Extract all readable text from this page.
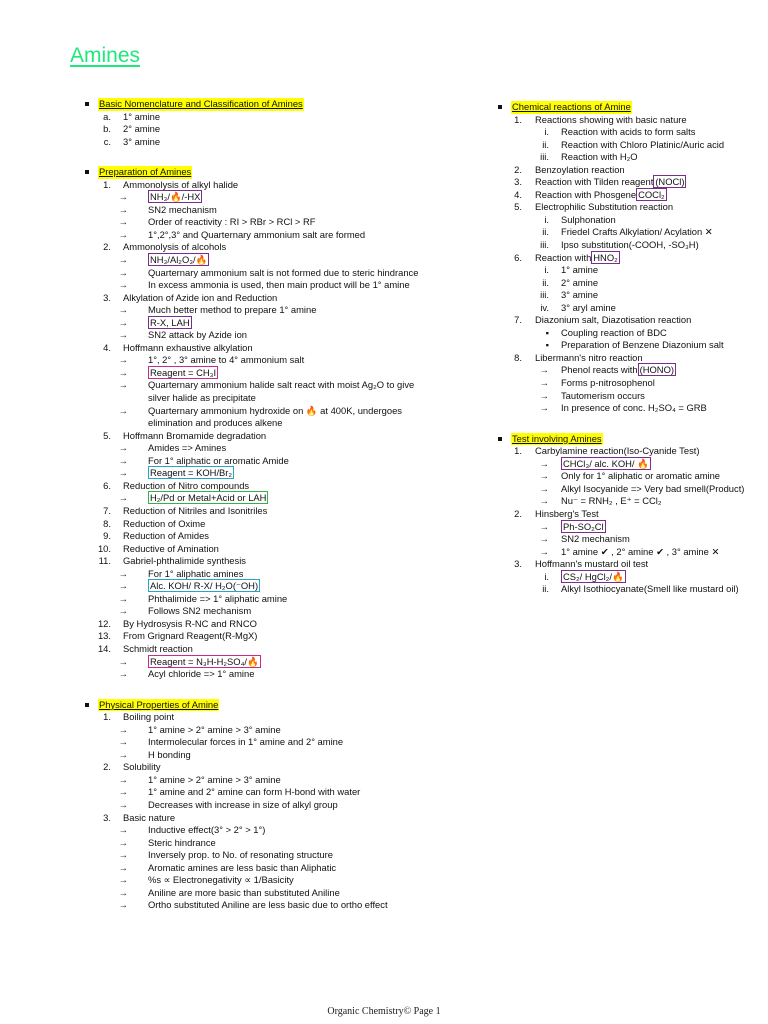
Amines
Basic Nomenclature and Classification of Amines
a. 1° amine
b. 2° amine
c. 3° amine
Preparation of Amines
1. Ammonolysis of alkyl halide
→ NH₃/🔥/-HX
→ SN2 mechanism
→ Order of reactivity : RI > RBr > RCl > RF
→ 1°,2°,3° and Quarternary ammonium salt are formed
2. Ammonolysis of alcohols
→ NH₃/Al₂O₃/🔥
→ Quarternary ammonium salt is not formed due to steric hindrance
→ In excess ammonia is used, then main product will be 1° amine
3. Alkylation of Azide ion and Reduction
→ Much better method to prepare 1° amine
→ R-X, LAH
→ SN2 attack by Azide ion
4. Hoffmann exhaustive alkylation
→ 1°, 2° , 3° amine to 4° ammonium salt
→ Reagent = CH₃I
→ Quarternary ammonium halide salt react with moist Ag₂O to give
silver halide as precipitate
→ Quarternary ammonium hydroxide on 🔥 at 400K, undergoes
elimination and produces alkene
5. Hoffmann Bromamide degradation
→ Amides => Amines
→ For 1° aliphatic or aromatic Amide
→ Reagent = KOH/Br₂
6. Reduction of Nitro compounds
→ H₂/Pd or Metal+Acid or LAH
7. Reduction of Nitriles and Isonitriles
8. Reduction of Oxime
9. Reduction of Amides
10. Reductive of Amination
11. Gabriel-phthalimide synthesis
→ For 1° aliphatic amines
→ Alc. KOH/ R-X/ H₂O(⁻OH)
→ Phthalimide => 1° aliphatic amine
→ Follows SN2 mechanism
12. By Hydrosysis R-NC and RNCO
13. From Grignard Reagent(R-MgX)
14. Schmidt reaction
→ Reagent = N₃H-H₂SO₄/🔥
→ Acyl chloride => 1° amine
Physical Properties of Amine
1. Boiling point
→ 1° amine > 2° amine > 3° amine
→ Intermolecular forces in 1° amine and 2° amine
→ H bonding
2. Solubility
→ 1° amine > 2° amine > 3° amine
→ 1° amine and 2° amine can form H-bond with water
→ Decreases with increase in size of alkyl group
3. Basic nature
→ Inductive effect(3° > 2° > 1°)
→ Steric hindrance
→ Inversely prop. to No. of resonating structure
→ Aromatic amines are less basic than Aliphatic
→ %s ∝ Electronegativity ∝ 1/Basicity
→ Aniline are more basic than substituted Aniline
→ Ortho substituted Aniline are less basic due to ortho effect
Chemical reactions of Amine
1. Reactions showing with basic nature
i. Reaction with acids to form salts
ii. Reaction with Chloro Platinic/Auric acid
iii. Reaction with H₂O
2. Benzoylation reaction
3. Reaction with Tilden reagent (NOCl)
4. Reaction with Phosgene COCl₂
5. Electrophilic Substitution reaction
i. Sulphonation
ii. Friedel Crafts Alkylation/ Acylation ✕
iii. Ipso substitution(-COOH, -SO₃H)
6. Reaction with HNO₂
i. 1° amine
ii. 2° amine
iii. 3° amine
iv. 3° aryl amine
7. Diazonium salt, Diazotisation reaction
▪ Coupling reaction of BDC
▪ Preparation of Benzene Diazonium salt
8. Libermann's nitro reaction
→ Phenol reacts with (HONO)
→ Forms p-nitrosophenol
→ Tautomerism occurs
→ In presence of conc. H₂SO₄ = GRB
Test involving Amines
1. Carbylamine reaction(Iso-Cyanide Test)
→ CHCl₃/ alc. KOH/ 🔥
→ Only for 1° aliphatic or aromatic amine
→ Alkyl Isocyanide => Very bad smell(Product)
→ Nu⁻ = RNH₂ , E⁺ = CCl₂
2. Hinsberg's Test
→ Ph-SO₂Cl
→ SN2 mechanism
→ 1° amine ✔ , 2° amine ✔ , 3° amine ✕
3. Hoffmann's mustard oil test
i. CS₂/ HgCl₂/🔥
ii. Alkyl Isothiocyanate(Smell like mustard oil)
Organic Chemistry© Page 1
